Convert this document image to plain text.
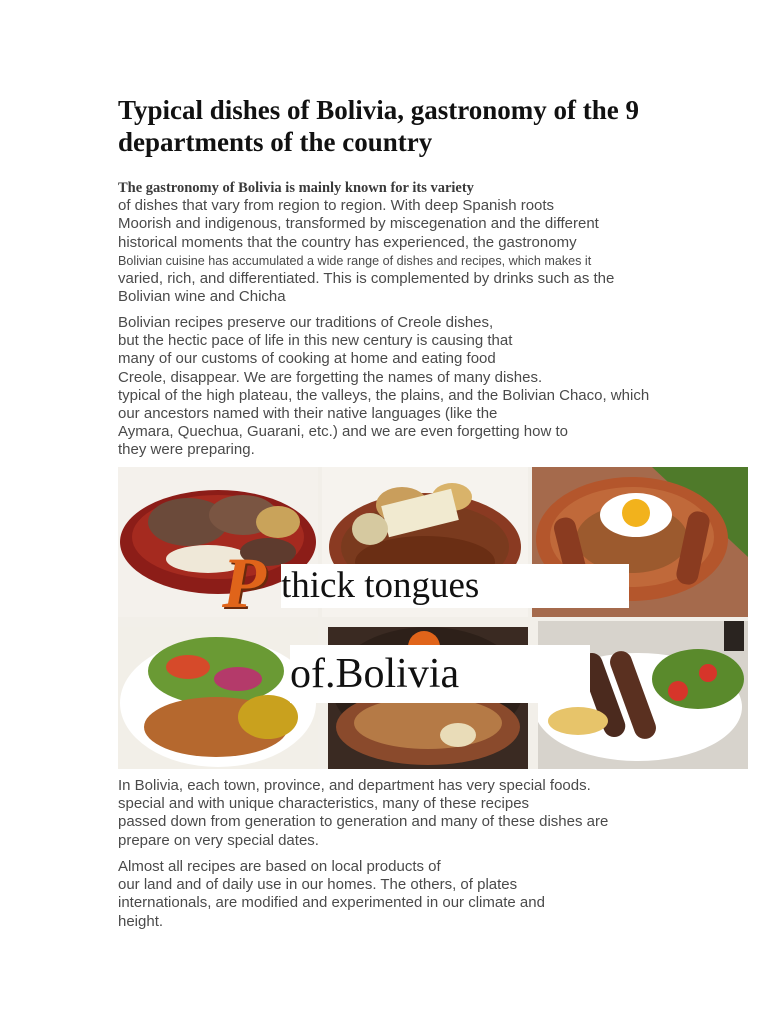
Typical dishes of Bolivia, gastronomy of the 9 departments of the country
The gastronomy of Bolivia is mainly known for its variety
of dishes that vary from region to region. With deep Spanish roots
Moorish and indigenous, transformed by miscegenation and the different
historical moments that the country has experienced, the gastronomy
Bolivian cuisine has accumulated a wide range of dishes and recipes, which makes it
varied, rich, and differentiated. This is complemented by drinks such as the
Bolivian wine and Chicha
Bolivian recipes preserve our traditions of Creole dishes,
but the hectic pace of life in this new century is causing that
many of our customs of cooking at home and eating food
Creole, disappear. We are forgetting the names of many dishes.
typical of the high plateau, the valleys, the plains, and the Bolivian Chaco, which
our ancestors named with their native languages (like the
Aymara, Quechua, Guarani, etc.) and we are even forgetting how to
they were preparing.
P thick tongues
of.Bolivia
In Bolivia, each town, province, and department has very special foods.
special and with unique characteristics, many of these recipes
passed down from generation to generation and many of these dishes are
prepare on very special dates.
Almost all recipes are based on local products of
our land and of daily use in our homes. The others, of plates
internationals, are modified and experimented in our climate and
height.
